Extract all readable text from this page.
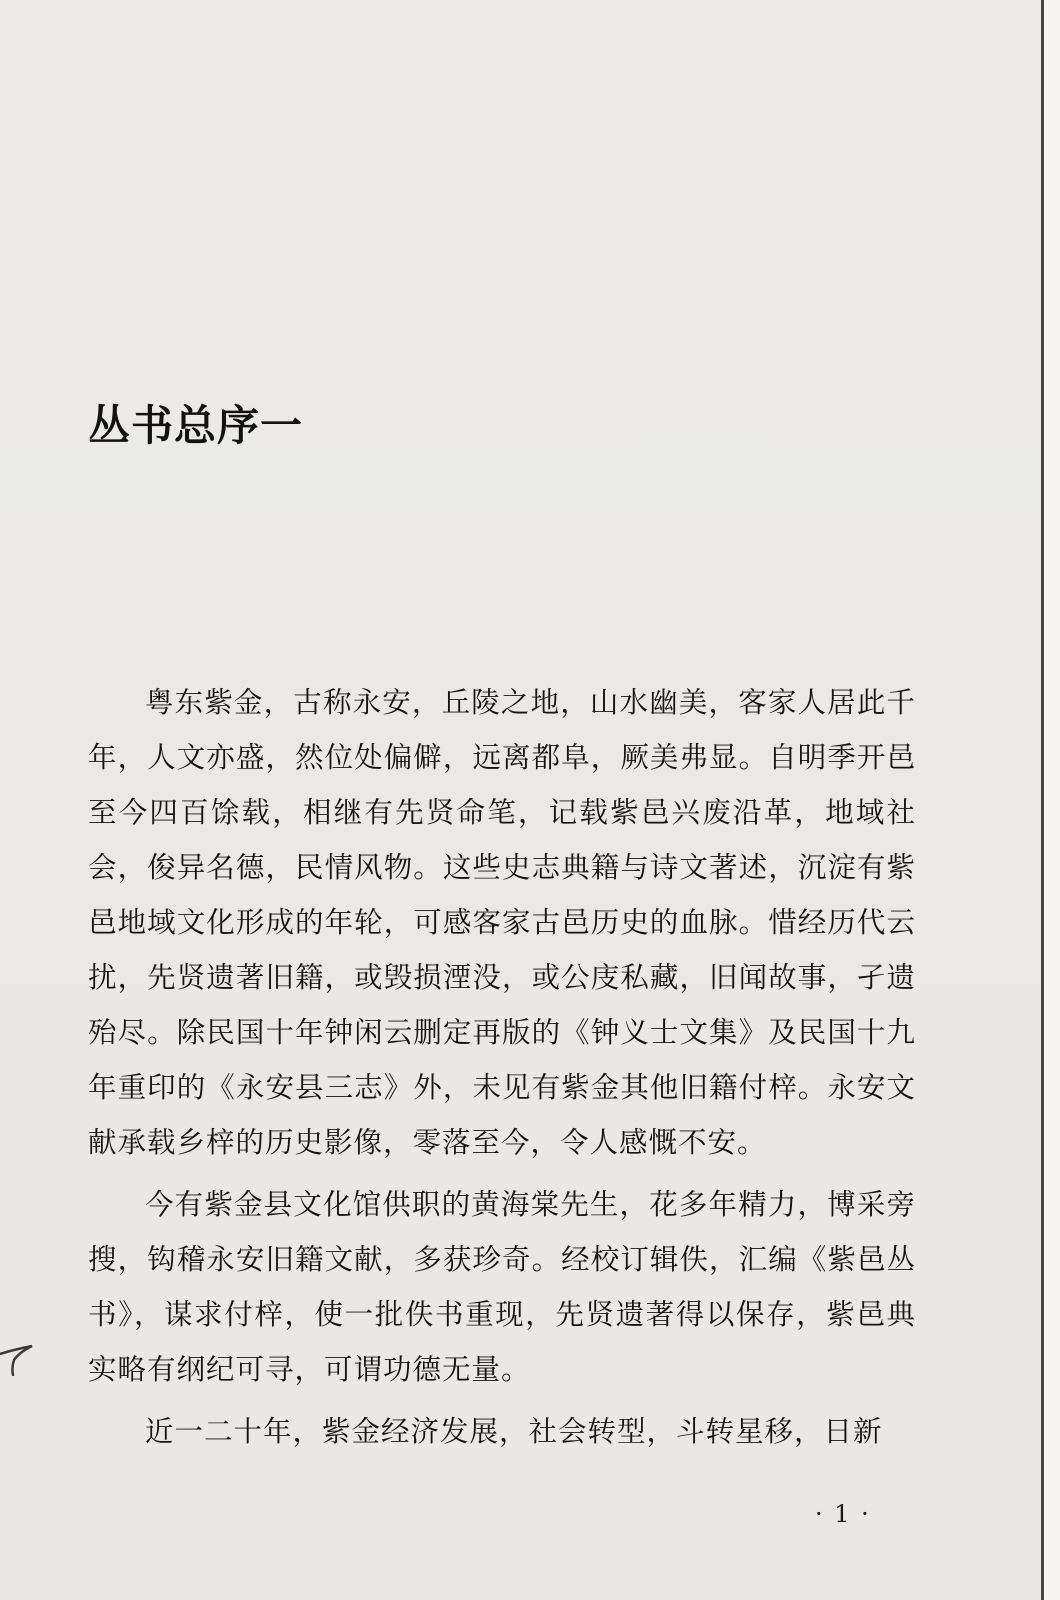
丛书总序一

粤东紫金，古称永安，丘陵之地，山水幽美，客家人居此千年，人文亦盛，然位处偏僻，远离都阜，厥美弗显。自明季开邑至今四百馀载，相继有先贤命笔，记载紫邑兴废沿革，地域社会，俊异名德，民情风物。这些史志典籍与诗文著述，沉淀有紫邑地域文化形成的年轮，可感客家古邑历史的血脉。惜经历代云扰，先贤遗著旧籍，或毁损湮没，或公庋私藏，旧闻故事，孑遗殆尽。除民国十年钟闲云删定再版的《钟义士文集》及民国十九年重印的《永安县三志》外，未见有紫金其他旧籍付梓。永安文献承载乡梓的历史影像，零落至今，令人感慨不安。

今有紫金县文化馆供职的黄海棠先生，花多年精力，博采旁搜，钩稽永安旧籍文献，多获珍奇。经校订辑佚，汇编《紫邑丛书》，谋求付梓，使一批佚书重现，先贤遗著得以保存，紫邑典实略有纲纪可寻，可谓功德无量。

近一二十年，紫金经济发展，社会转型，斗转星移，日新

· 1 ·
